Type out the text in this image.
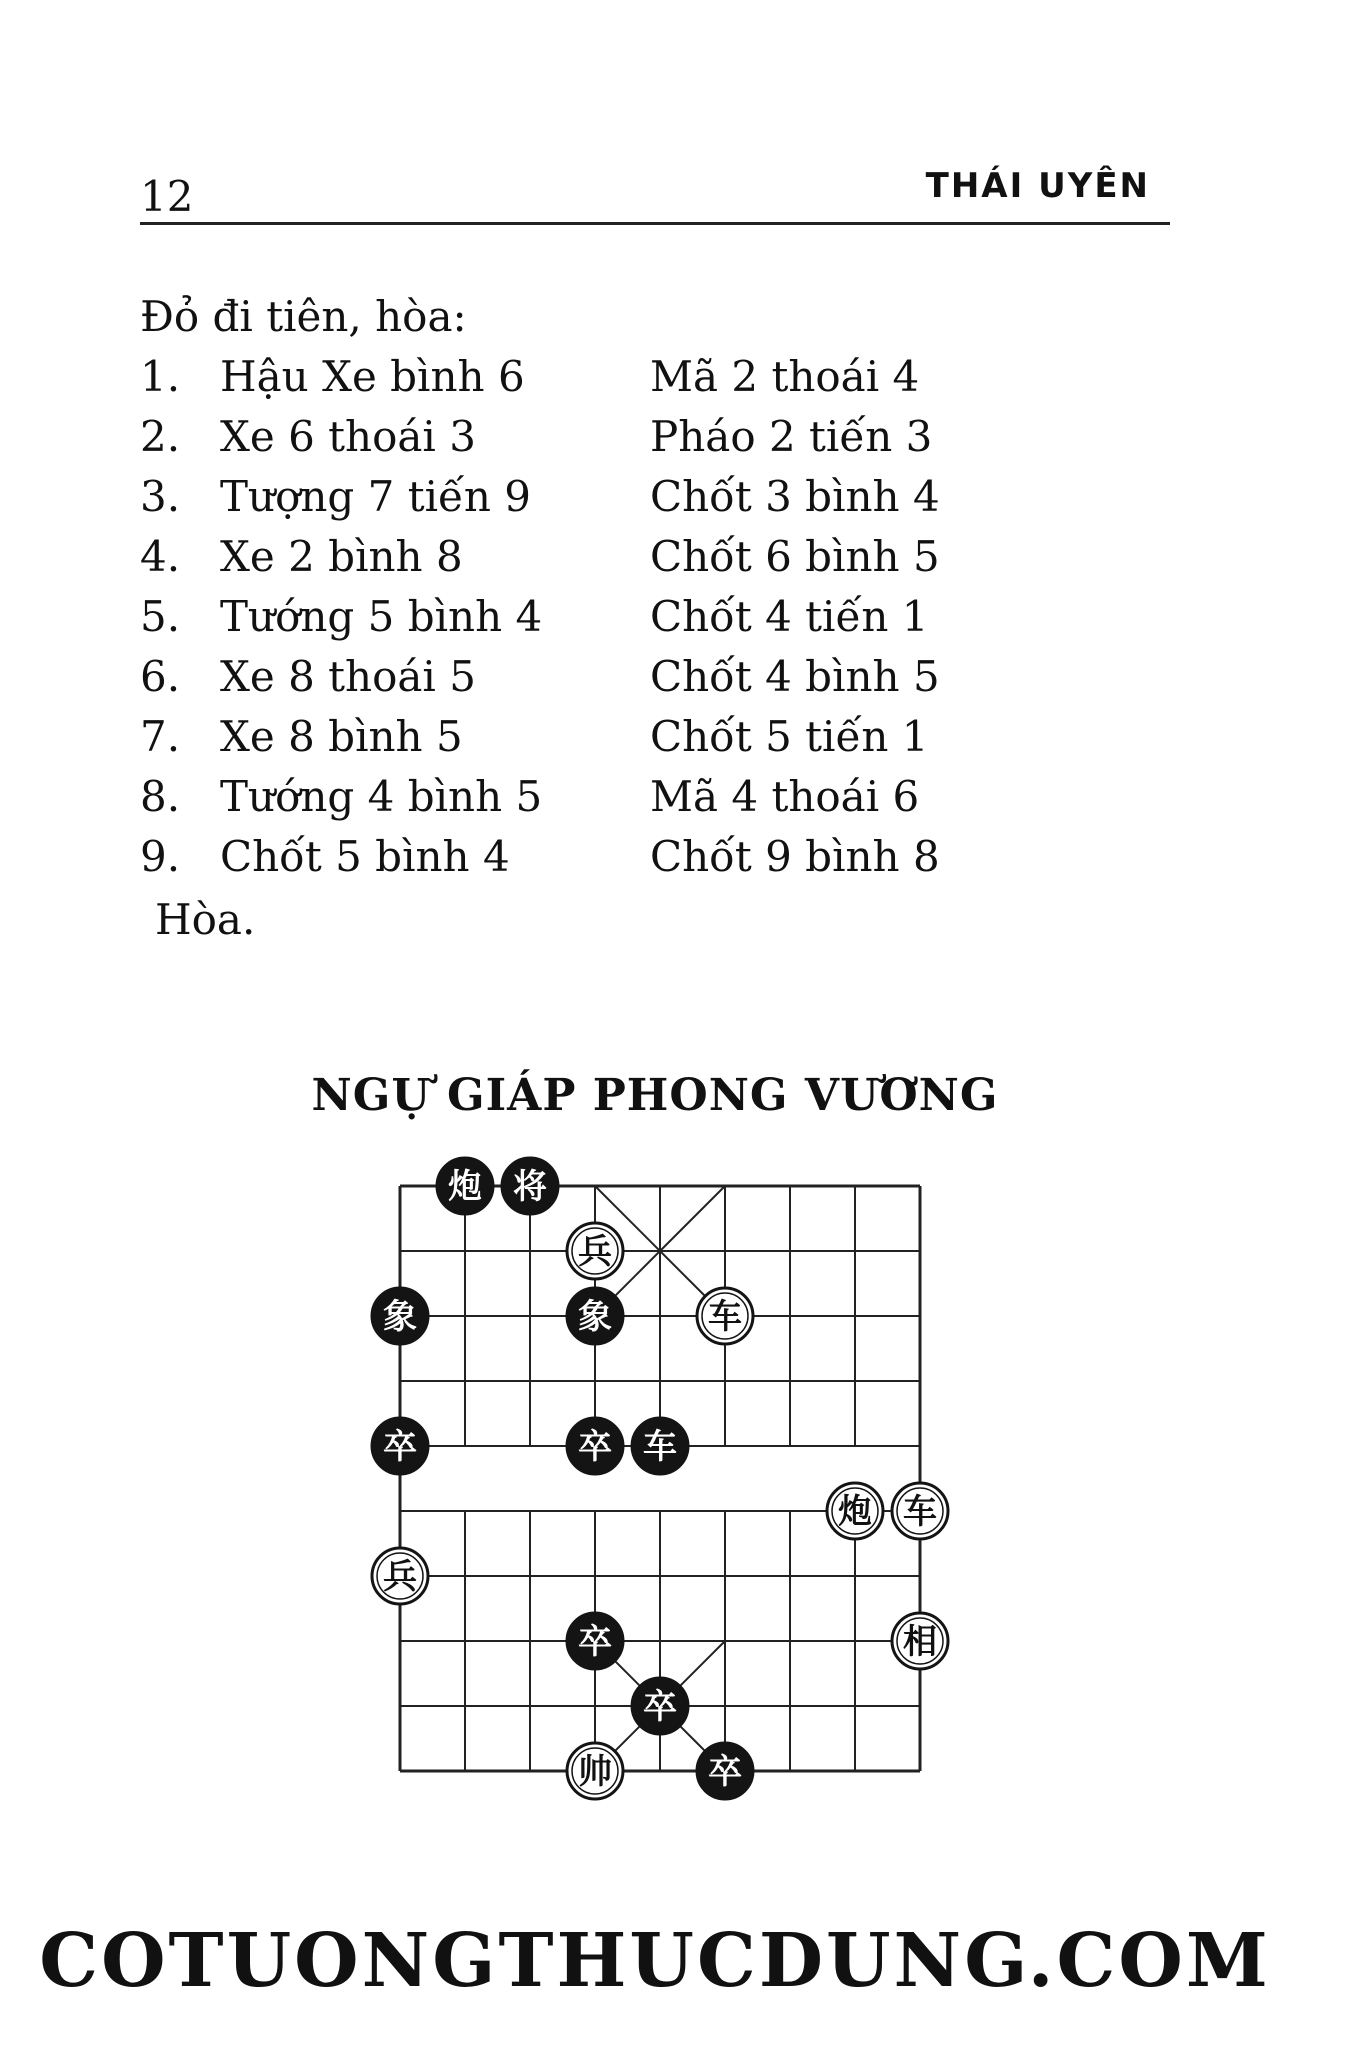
12	THÁI UYÊN
Đỏ đi tiên, hòa:
1. Hậu Xe bình 6	Mã 2 thoái 4
2. Xe 6 thoái 3	Pháo 2 tiến 3
3. Tượng 7 tiến 9	Chốt 3 bình 4
4. Xe 2 bình 8	Chốt 6 bình 5
5. Tướng 5 bình 4	Chốt 4 tiến 1
6. Xe 8 thoái 5	Chốt 4 bình 5
7. Xe 8 bình 5	Chốt 5 tiến 1
8. Tướng 4 bình 5	Mã 4 thoái 6
9. Chốt 5 bình 4	Chốt 9 bình 8
Hòa.
NGỰ GIÁP PHONG VƯƠNG
炮 将
兵
象	象	车
卒	卒 车
炮 车
兵
卒	相
卒
帅	卒
COTUONGTHUCDUNG.COM
